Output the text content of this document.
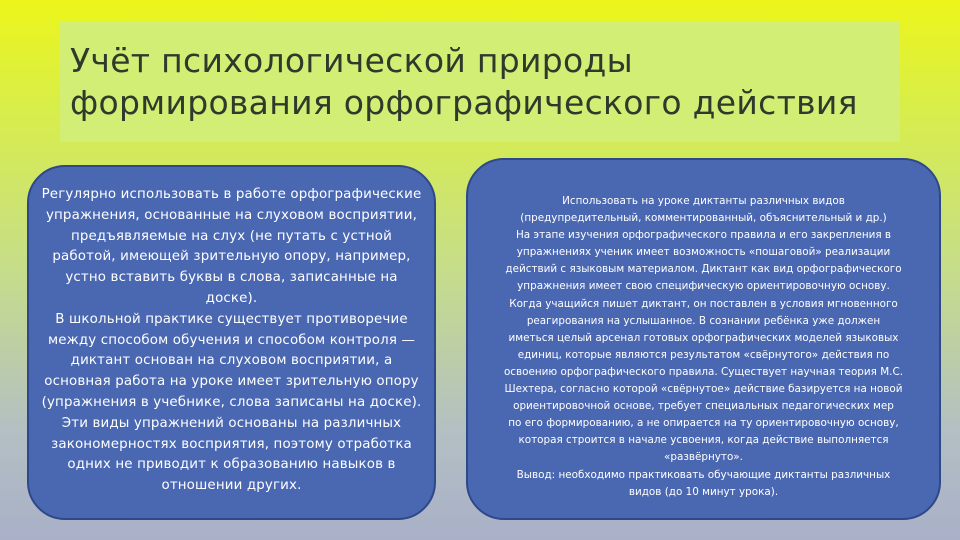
Учёт психологической природы
формирования орфографического действия
Регулярно использовать в работе орфографические
упражнения, основанные на слуховом восприятии,
предъявляемые на слух (не путать с устной
работой, имеющей зрительную опору, например,
устно вставить буквы в слова, записанные на
доске).
В школьной практике существует противоречие
между способом обучения и способом контроля —
диктант основан на слуховом восприятии, а
основная работа на уроке имеет зрительную опору
(упражнения в учебнике, слова записаны на доске).
Эти виды упражнений основаны на различных
закономерностях восприятия, поэтому отработка
одних не приводит к образованию навыков в
отношении других.
Использовать на уроке диктанты различных видов
(предупредительный, комментированный, объяснительный и др.)
На этапе изучения орфографического правила и его закрепления в
упражнениях ученик имеет возможность «пошаговой» реализации
действий с языковым материалом. Диктант как вид орфографического
упражнения имеет свою специфическую ориентировочную основу.
Когда учащийся пишет диктант, он поставлен в условия мгновенного
реагирования на услышанное. В сознании ребёнка уже должен
иметься целый арсенал готовых орфографических моделей языковых
единиц, которые являются результатом «свёрнутого» действия по
освоению орфографического правила. Существует научная теория М.С.
Шехтера, согласно которой «свёрнутое» действие базируется на новой
ориентировочной основе, требует специальных педагогических мер
по его формированию, а не опирается на ту ориентировочную основу,
которая строится в начале усвоения, когда действие выполняется
«развёрнуто».
Вывод: необходимо практиковать обучающие диктанты различных
видов (до 10 минут урока).
